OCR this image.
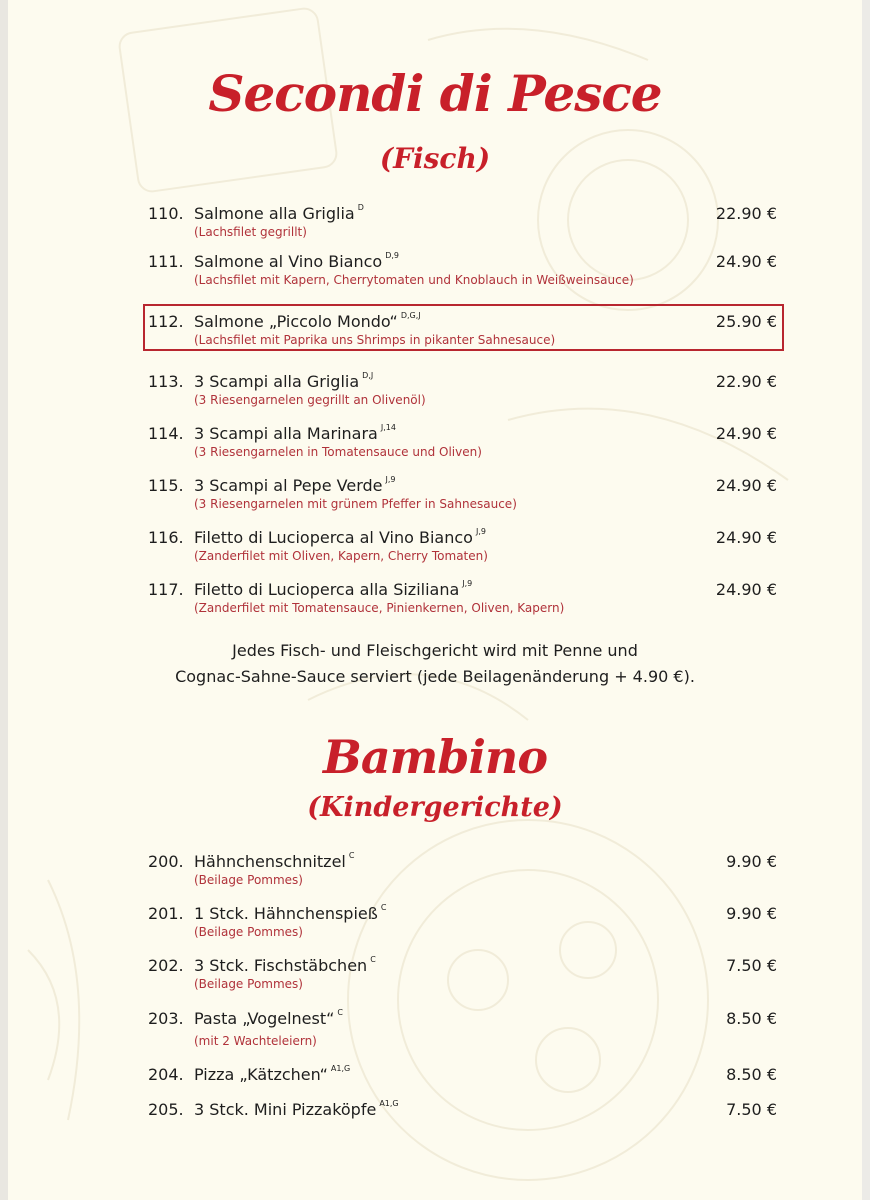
Secondi di Pesce
(Fisch)
110. Salmone alla Griglia $^D$
(Lachsfilet gegrillt)
22.90 €
111. Salmone al Vino Bianco $^{D,9}$
(Lachsfilet mit Kapern, Cherrytomaten und Knoblauch in Weißweinsauce)
24.90 €
112. Salmone „Piccolo Mondo“ $^{D,G,J}$
(Lachsfilet mit Paprika uns Shrimps in pikanter Sahnesauce)
25.90 €
113. 3 Scampi alla Griglia $^{D,J}$
(3 Riesengarnelen gegrillt an Olivenöl)
22.90 €
114. 3 Scampi alla Marinara $^{J,14}$
(3 Riesengarnelen in Tomatensauce und Oliven)
24.90 €
115. 3 Scampi al Pepe Verde $^{J,9}$
(3 Riesengarnelen mit grünem Pfeffer in Sahnesauce)
24.90 €
116. Filetto di Lucioperca al Vino Bianco $^{J,9}$
(Zanderfilet mit Oliven, Kapern, Cherry Tomaten)
24.90 €
117. Filetto di Lucioperca alla Siziliana $^{J,9}$
(Zanderfilet mit Tomatensauce, Pinienkernen, Oliven, Kapern)
24.90 €
Jedes Fisch- und Fleischgericht wird mit Penne und
Cognac-Sahne-Sauce serviert (jede Beilagenänderung + 4.90 €).
Bambino
(Kindergerichte)
200. Hähnchenschnitzel $^C$
(Beilage Pommes)
9.90 €
201. 1 Stck. Hähnchenspieß $^C$
(Beilage Pommes)
9.90 €
202. 3 Stck. Fischstäbchen $^C$
(Beilage Pommes)
7.50 €
203. Pasta „Vogelnest“ $^C$
(mit 2 Wachteleiern)
8.50 €
204. Pizza „Kätzchen“ $^{A1,G}$	8.50 €
205. 3 Stck. Mini Pizzaköpfe $^{A1,G}$	7.50 €
